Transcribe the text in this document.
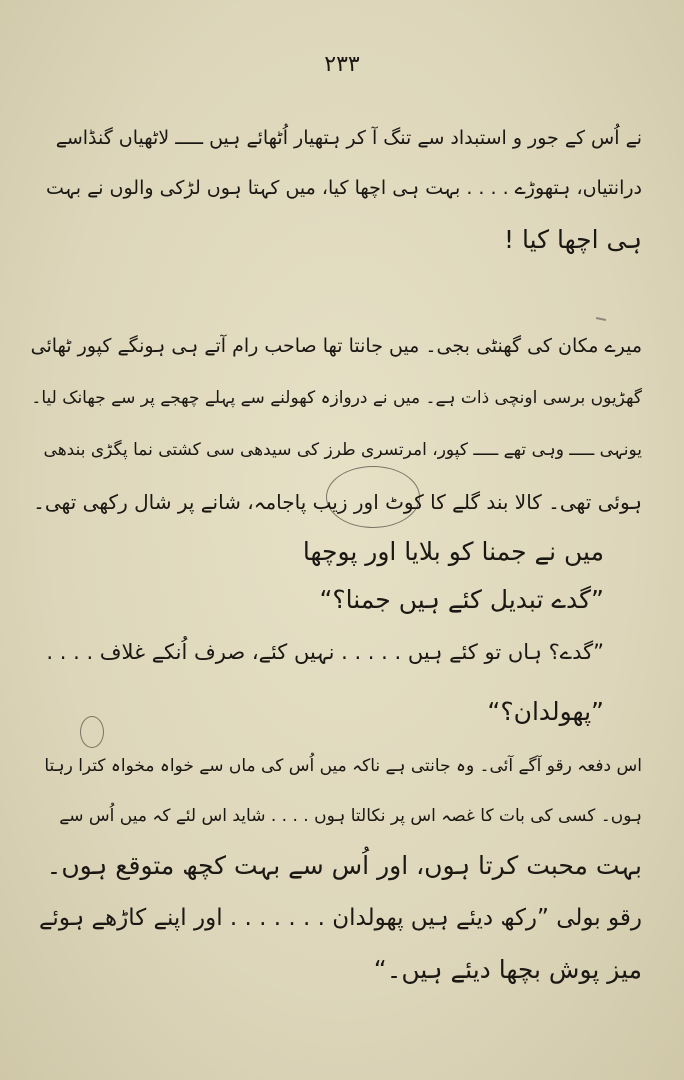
۲۳۳
نے اُس کے جور و استبداد سے تنگ آ کر ہتھیار اُٹھائے ہیں ـــــ لاٹھیاں گنڈاسے
درانتیاں، ہتھوڑے . . . . بہت ہی اچھا کیا، میں کہتا ہوں لڑکی والوں نے بہت
ہی اچھا کیا !
میرے مکان کی گھنٹی بجی۔ میں جانتا تھا صاحب رام آتے ہی ہونگے کپور ٹھائی
گھڑیوں برسی اونچی ذات ہے۔ میں نے دروازہ کھولنے سے پہلے چھجے پر سے جھانک لیا۔
یونہی ـــــ وہی تھے ـــــ کپور، امرتسری طرز کی سیدھی سی کشتی نما پگڑی بندھی
ہوئی تھی۔ کالا بند گلے کا کوٹ اور زیب پاجامہ، شانے پر شال رکھی تھی۔
میں نے جمنا کو بلایا اور پوچھا
”گدے تبدیل کئے ہیں جمنا؟“
”گدے؟ ہاں تو کئے ہیں . . . . . نہیں کئے، صرف اُنکے غلاف . . . .
”پھولدان؟“
اس دفعہ رقو آگے آئی۔ وہ جانتی ہے ناکہ میں اُس کی ماں سے خواہ مخواہ کترا رہتا
ہوں۔ کسی کی بات کا غصہ اس پر نکالتا ہوں . . . . شاید اس لئے کہ میں اُس سے
بہت محبت کرتا ہوں، اور اُس سے بہت کچھ متوقع ہوں۔
رقو بولی ”رکھ دیئے ہیں پھولدان . . . . . . . اور اپنے کاڑھے ہوئے
میز پوش بچھا دیئے ہیں۔“
